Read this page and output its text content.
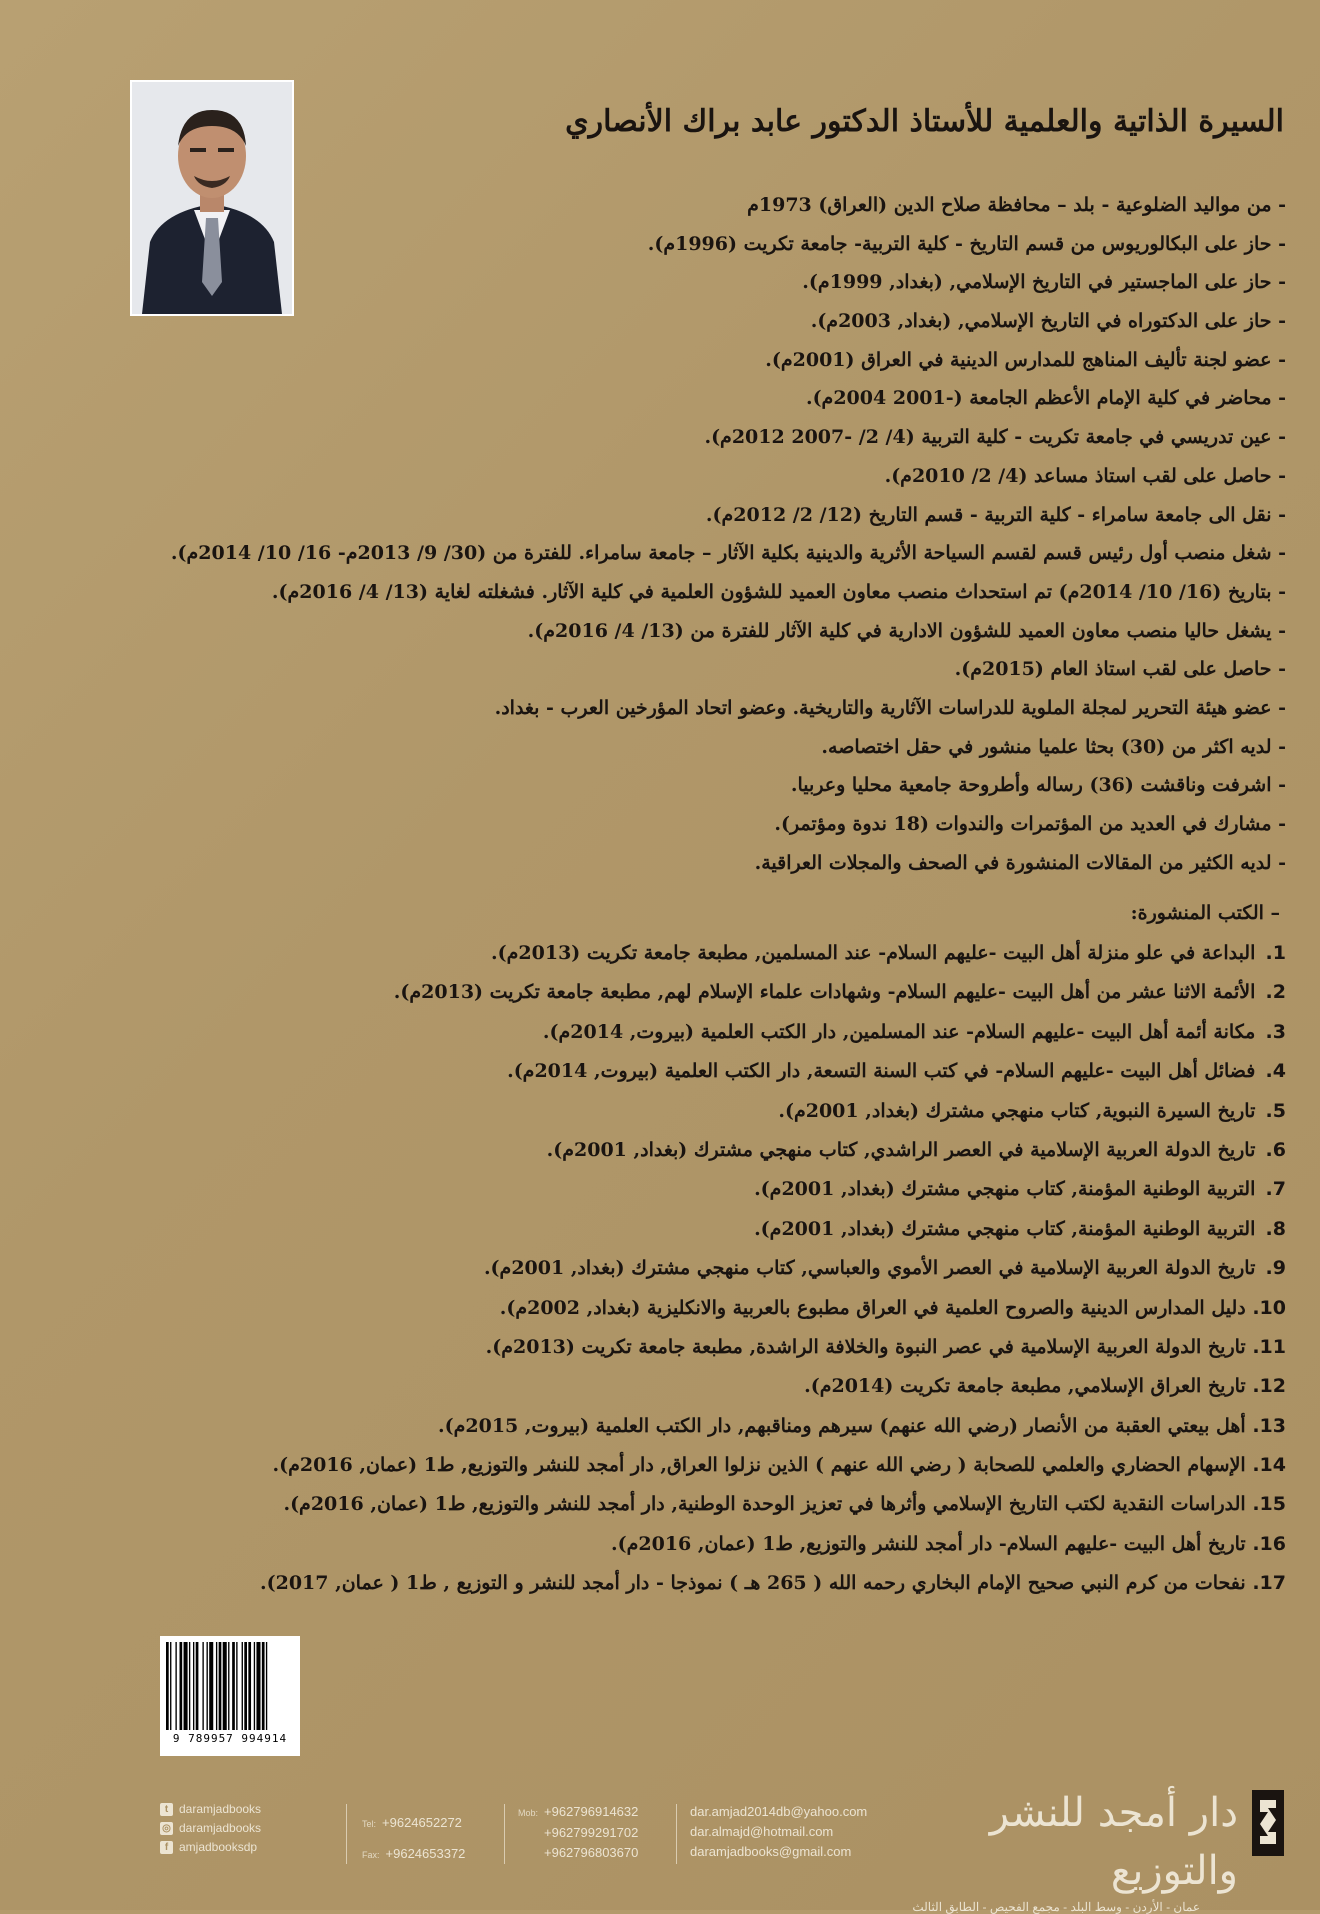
السيرة الذاتية والعلمية للأستاذ الدكتور عابد براك الأنصاري
- من مواليد الضلوعية - بلد – محافظة صلاح الدين (العراق) 1973م
- حاز على البكالوريوس من قسم التاريخ - كلية التربية- جامعة تكريت (1996م).
- حاز على الماجستير في التاريخ الإسلامي, (بغداد, 1999م).
- حاز على الدكتوراه في التاريخ الإسلامي, (بغداد, 2003م).
- عضو لجنة تأليف المناهج للمدارس الدينية في العراق (2001م).
- محاضر في كلية الإمام الأعظم الجامعة (-2001 2004م).
- عين تدريسي في جامعة تكريت - كلية التربية (4/ 2/ -2007 2012م).
- حاصل على لقب استاذ مساعد (4/ 2/ 2010م).
- نقل الى جامعة سامراء - كلية التربية - قسم التاريخ (12/ 2/ 2012م).
- شغل منصب أول رئيس قسم لقسم السياحة الأثرية والدينية بكلية الآثار – جامعة سامراء. للفترة من (30/ 9/ 2013م- 16/ 10/ 2014م).
- بتاريخ (16/ 10/ 2014م) تم استحداث منصب معاون العميد للشؤون العلمية في كلية الآثار. فشغلته لغاية (13/ 4/ 2016م).
- يشغل حاليا منصب معاون العميد للشؤون الادارية في كلية الآثار للفترة من (13/ 4/ 2016م).
- حاصل على لقب استاذ العام (2015م).
- عضو هيئة التحرير لمجلة الملوية للدراسات الآثارية والتاريخية. وعضو اتحاد المؤرخين العرب - بغداد.
- لديه اكثر من (30) بحثا علميا منشور في حقل اختصاصه.
- اشرفت وناقشت (36) رساله وأطروحة جامعية محليا وعربيا.
- مشارك في العديد من المؤتمرات والندوات (18 ندوة ومؤتمر).
- لديه الكثير من المقالات المنشورة في الصحف والمجلات العراقية.
– الكتب المنشورة:
1. البداعة في علو منزلة أهل البيت -عليهم السلام- عند المسلمين, مطبعة جامعة تكريت (2013م).
2. الأئمة الاثنا عشر من أهل البيت -عليهم السلام- وشهادات علماء الإسلام لهم, مطبعة جامعة تكريت (2013م).
3. مكانة أئمة أهل البيت -عليهم السلام- عند المسلمين, دار الكتب العلمية (بيروت, 2014م).
4. فضائل أهل البيت -عليهم السلام- في كتب السنة التسعة, دار الكتب العلمية (بيروت, 2014م).
5. تاريخ السيرة النبوية, كتاب منهجي مشترك (بغداد, 2001م).
6. تاريخ الدولة العربية الإسلامية في العصر الراشدي, كتاب منهجي مشترك (بغداد, 2001م).
7. التربية الوطنية المؤمنة, كتاب منهجي مشترك (بغداد, 2001م).
8. التربية الوطنية المؤمنة, كتاب منهجي مشترك (بغداد, 2001م).
9. تاريخ الدولة العربية الإسلامية في العصر الأموي والعباسي, كتاب منهجي مشترك (بغداد, 2001م).
10. دليل المدارس الدينية والصروح العلمية في العراق مطبوع بالعربية والانكليزية (بغداد, 2002م).
11. تاريخ الدولة العربية الإسلامية في عصر النبوة والخلافة الراشدة, مطبعة جامعة تكريت (2013م).
12. تاريخ العراق الإسلامي, مطبعة جامعة تكريت (2014م).
13. أهل بيعتي العقبة من الأنصار (رضي الله عنهم) سيرهم ومناقبهم, دار الكتب العلمية (بيروت, 2015م).
14. الإسهام الحضاري والعلمي للصحابة ( رضي الله عنهم ) الذين نزلوا العراق, دار أمجد للنشر والتوزيع, ط1 (عمان, 2016م).
15. الدراسات النقدية لكتب التاريخ الإسلامي وأثرها في تعزيز الوحدة الوطنية, دار أمجد للنشر والتوزيع, ط1 (عمان, 2016م).
16. تاريخ أهل البيت -عليهم السلام- دار أمجد للنشر والتوزيع, ط1 (عمان, 2016م).
17. نفحات من كرم النبي صحيح الإمام البخاري رحمه الله ( 265 هـ ) نموذجا - دار أمجد للنشر و التوزيع , ط1 ( عمان, 2017).
9 789957 994914
t daramjadbooks
◎ daramjadbooks
f amjadbooksdp
Tel: +9624652272
Fax: +9624653372
Mob: +962796914632
+962799291702
+962796803670
dar.amjad2014db@yahoo.com
dar.almajd@hotmail.com
daramjadbooks@gmail.com
دار أمجد للنشر والتوزيع
عمان - الأردن - وسط البلد - مجمع الفحيص - الطابق الثالث
